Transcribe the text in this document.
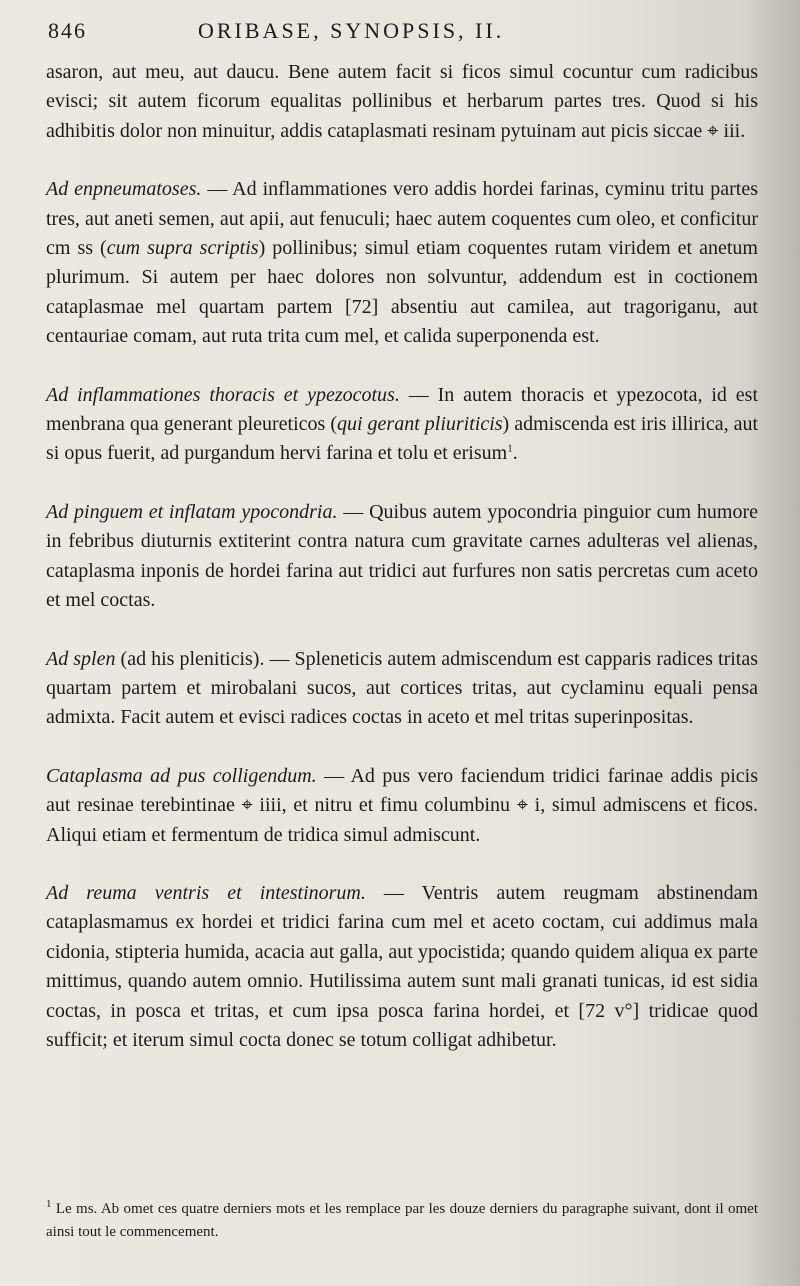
846	ORIBASE, SYNOPSIS, II.

asaron, aut meu, aut daucu. Bene autem facit si ficos simul cocuntur cum radicibus evisci; sit autem ficorum equalitas pollinibus et herbarum partes tres. Quod si his adhibitis dolor non minuitur, addis cataplasmati resinam pytuinam aut picis siccae ⌖ iii.

Ad enpneumatoses. — Ad inflammationes vero addis hordei farinas, cyminu tritu partes tres, aut aneti semen, aut apii, aut fenuculi; haec autem coquentes cum oleo, et conficitur cm ss (cum supra scriptis) pollinibus; simul etiam coquentes rutam viridem et anetum plurimum. Si autem per haec dolores non solvuntur, addendum est in coctionem cataplasmae mel quartam partem [72] absentiu aut camilea, aut tragoriganu, aut centauriae comam, aut ruta trita cum mel, et calida superponenda est.

Ad inflammationes thoracis et ypezocotus. — In autem thoracis et ypezocota, id est menbrana qua generant pleureticos (qui gerant pliuriticis) admiscenda est iris illirica, aut si opus fuerit, ad purgandum hervi farina et tolu et erisum$^1$.

Ad pinguem et inflatam ypocondria. — Quibus autem ypocondria pinguior cum humore in febribus diuturnis extiterint contra natura cum gravitate carnes adulteras vel alienas, cataplasma inponis de hordei farina aut tridici aut furfures non satis percretas cum aceto et mel coctas.

Ad splen (ad his pleniticis). — Spleneticis autem admiscendum est capparis radices tritas quartam partem et mirobalani sucos, aut cortices tritas, aut cyclaminu equali pensa admixta. Facit autem et evisci radices coctas in aceto et mel tritas superinpositas.

Cataplasma ad pus colligendum. — Ad pus vero faciendum tridici farinae addis picis aut resinae terebintinae ⌖ iiii, et nitru et fimu columbinu ⌖ i, simul admiscens et ficos. Aliqui etiam et fermentum de tridica simul admiscunt.

Ad reuma ventris et intestinorum. — Ventris autem reugmam abstinendam cataplasmamus ex hordei et tridici farina cum mel et aceto coctam, cui addimus mala cidonia, stipteria humida, acacia aut galla, aut ypocistida; quando quidem aliqua ex parte mittimus, quando autem omnio. Hutilissima autem sunt mali granati tunicas, id est sidia coctas, in posca et tritas, et cum ipsa posca farina hordei, et [72 v°] tridicae quod sufficit; et iterum simul cocta donec se totum colligat adhibetur.

$^1$ Le ms. Ab omet ces quatre derniers mots et les remplace par les douze derniers du paragraphe suivant, dont il omet ainsi tout le commencement.
